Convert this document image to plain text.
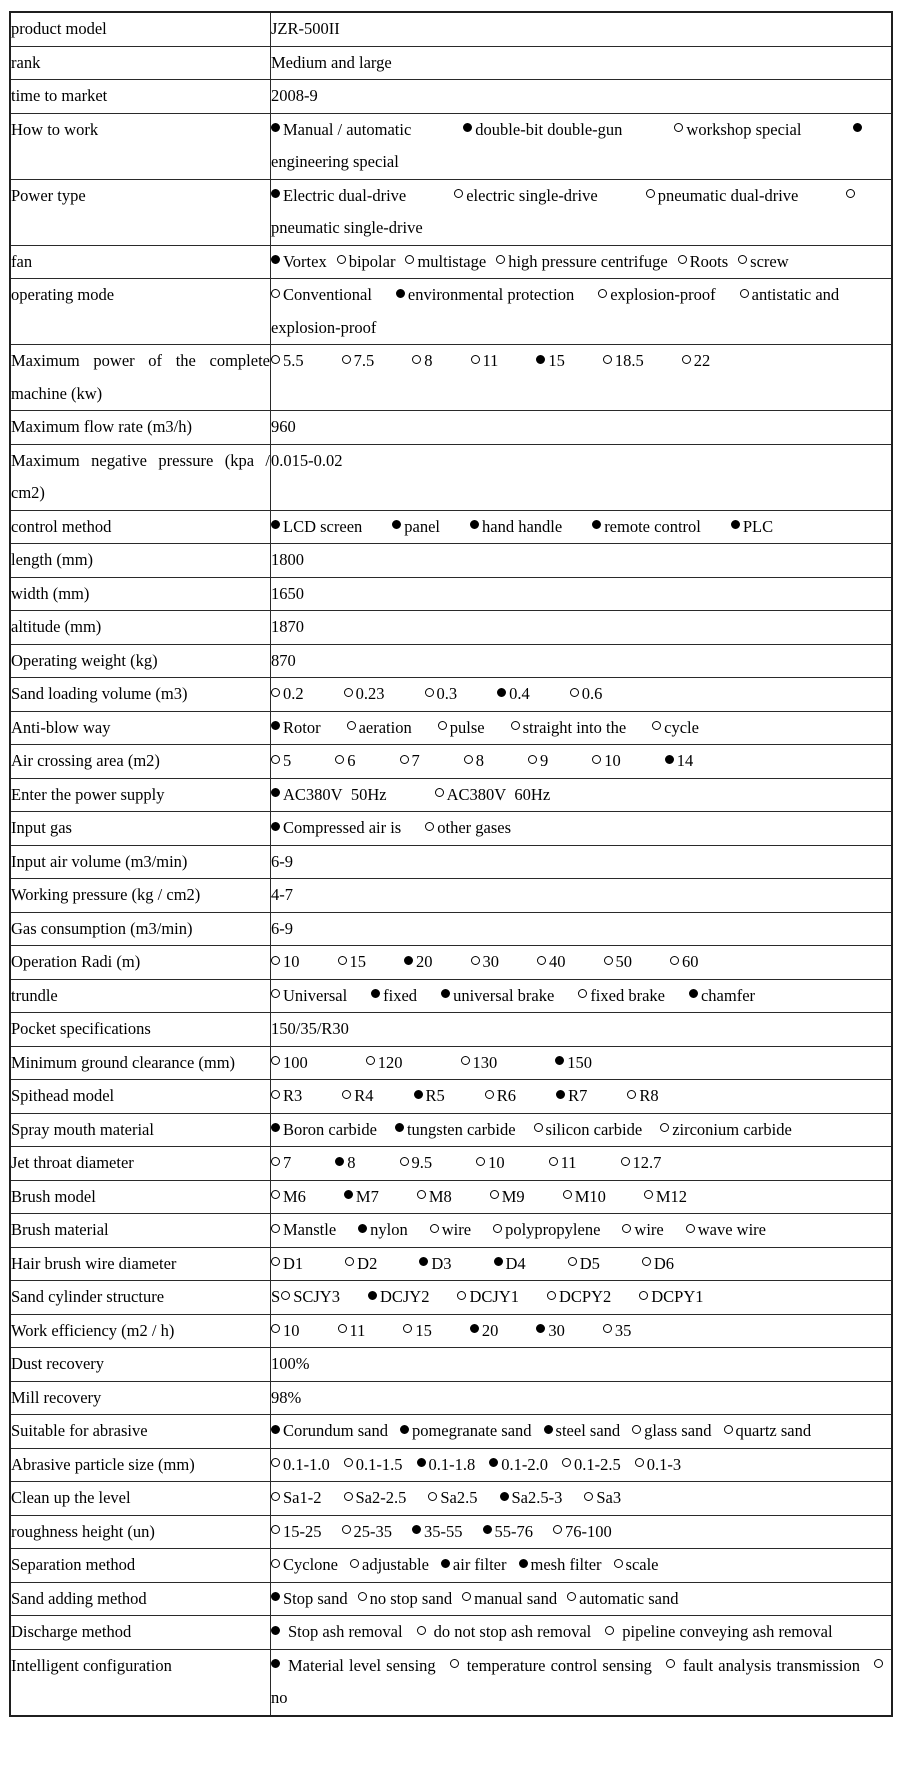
product model	JZR-500II
rank	Medium and large
time to market	2008-9
How to work	Manual / automatic double-bit double-gun workshop specialengineering special
Power type	Electric dual-drive electric single-drive pneumatic dual-drivepneumatic single-drive
fan	Vortex bipolar multistage high pressure centrifuge Roots screw
operating mode	Conventional environmental protection explosion-proof antistatic and explosion-proof
Maximum power of the complete machine (kw)	5.5 7.5 8 11 15 18.5 22
Maximum flow rate (m3/h)	960
Maximum negative pressure (kpa / cm2)	0.015-0.02
control method	LCD screen panel hand handle remote control PLC
length (mm)	1800
width (mm)	1650
altitude (mm)	1870
Operating weight (kg)	870
Sand loading volume (m3)	0.2 0.23 0.3 0.4 0.6
Anti-blow way	Rotor aeration pulse straight into the cycle
Air crossing area (m2)	5 6 7 8 9 10 14
Enter the power supply	AC380V  50Hz AC380V  60Hz
Input gas	Compressed air is other gases
Input air volume (m3/min)	6-9
Working pressure (kg / cm2)	4-7
Gas consumption (m3/min)	6-9
Operation Radi (m)	10 15 20 30 40 50 60
trundle	Universal fixed universal brake fixed brake chamfer
Pocket specifications	150/35/R30
Minimum ground clearance (mm)	100 120 130 150
Spithead model	R3 R4 R5 R6 R7 R8
Spray mouth material	Boron carbide tungsten carbide silicon carbide zirconium carbide
Jet throat diameter	7 8 9.5 10 11 12.7
Brush model	M6 M7 M8 M9 M10 M12
Brush material	Manstle nylon wire polypropylene wire wave wire
Hair brush wire diameter	D1 D2 D3 D4 D5 D6
Sand cylinder structure	S SCJY3 DCJY2 DCJY1 DCPY2 DCPY1
Work efficiency (m2 / h)	10 11 15 20 30 35
Dust recovery	100%
Mill recovery	98%
Suitable for abrasive	Corundum sand pomegranate sand steel sand glass sand quartz sand
Abrasive particle size (mm)	0.1-1.0 0.1-1.5 0.1-1.8 0.1-2.0 0.1-2.5 0.1-3
Clean up the level	Sa1-2 Sa2-2.5 Sa2.5 Sa2.5-3 Sa3
roughness height (un)	15-25 25-35 35-55 55-76 76-100
Separation method	Cyclone adjustable air filter mesh filter scale
Sand adding method	Stop sand no stop sand manual sand automatic sand
Discharge method	Stop ash removal do not stop ash removal pipeline conveying ash removal
Intelligent configuration	Material level sensing temperature control sensing fault analysis transmissionno
